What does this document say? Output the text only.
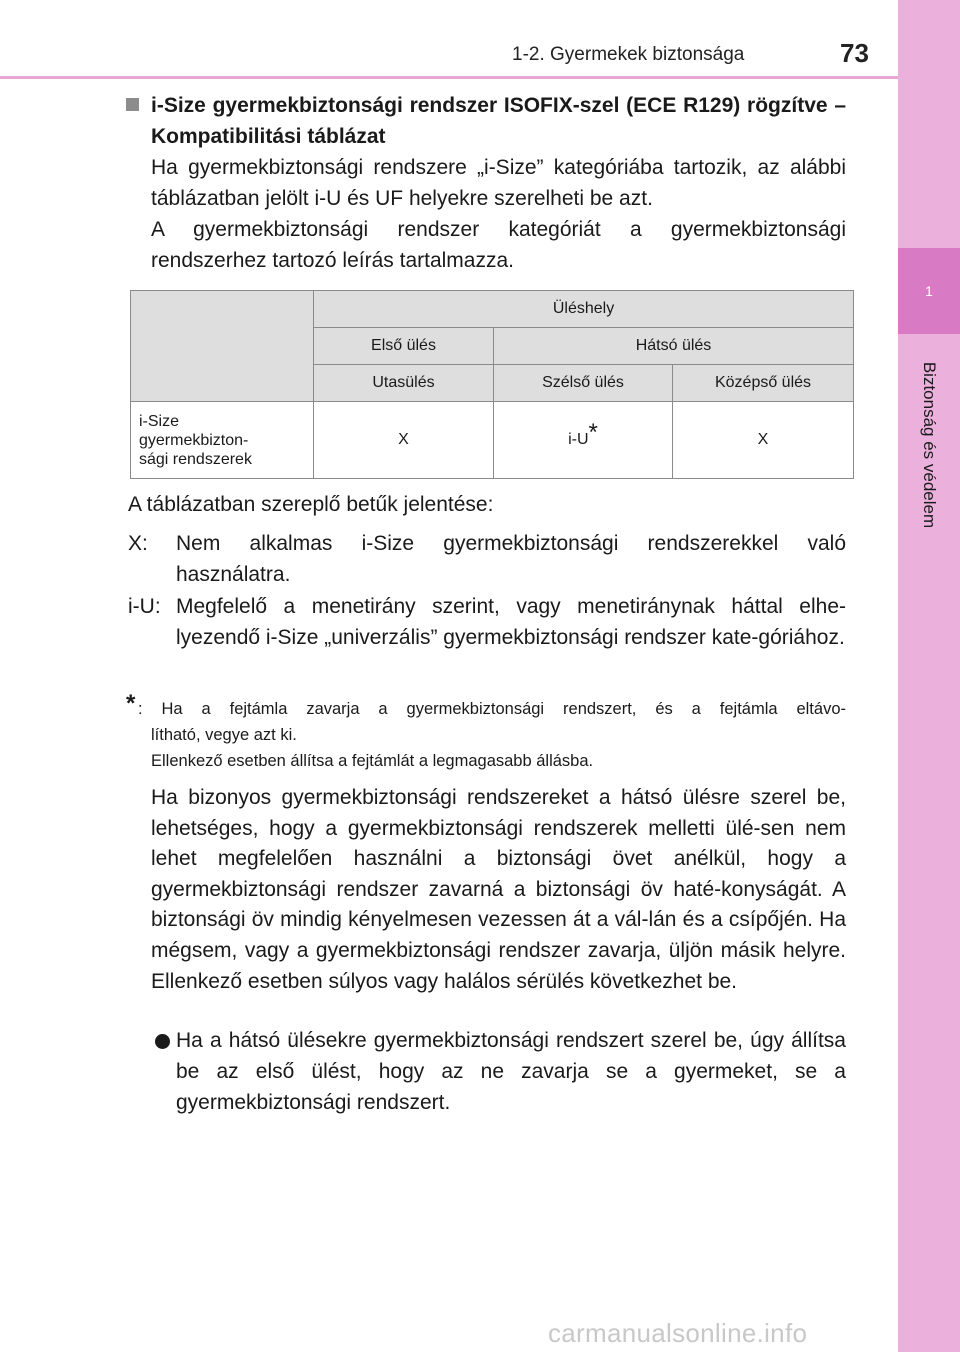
1-2. Gyermekek biztonsága	73
1
Biztonság és védelem
i-Size gyermekbiztonsági rendszer ISOFIX-szel (ECE R129) rögzítve – Kompatibilitási táblázat

Ha gyermekbiztonsági rendszere „i-Size” kategóriába tartozik, az alábbi táblázatban jelölt i-U és UF helyekre szerelheti be azt.

A gyermekbiztonsági rendszer kategóriát a gyermekbiztonsági rendszerhez tartozó leírás tartalmazza.

	Üléshely		
	Első ülés	Hátsó ülés	
	Utasülés	Szélső ülés	Középső ülés
i-Size
gyermekbizton-
sági rendszerek	X	i-U*	X
A táblázatban szereplő betűk jelentése:
X: Nem alkalmas i-Size gyermekbiztonsági rendszerekkel való használatra.
i-U: Megfelelő a menetirány szerint, vagy menetiránynak háttal elhe-lyezendő i-Size „univerzális” gyermekbiztonsági rendszer kate-góriához.
* : Ha a fejtámla zavarja a gyermekbiztonsági rendszert, és a fejtámla eltávo-
lítható, vegye azt ki.
Ellenkező esetben állítsa a fejtámlát a legmagasabb állásba.
Ha bizonyos gyermekbiztonsági rendszereket a hátsó ülésre szerel be, lehetséges, hogy a gyermekbiztonsági rendszerek melletti ülé-sen nem lehet megfelelően használni a biztonsági övet anélkül, hogy a gyermekbiztonsági rendszer zavarná a biztonsági öv haté-konyságát. A biztonsági öv mindig kényelmesen vezessen át a vál-lán és a csípőjén. Ha mégsem, vagy a gyermekbiztonsági rendszer zavarja, üljön másik helyre. Ellenkező esetben súlyos vagy halálos sérülés következhet be.
Ha a hátsó ülésekre gyermekbiztonsági rendszert szerel be, úgy állítsa be az első ülést, hogy az ne zavarja se a gyermeket, se a gyermekbiztonsági rendszert.
carmanualsonline.info
